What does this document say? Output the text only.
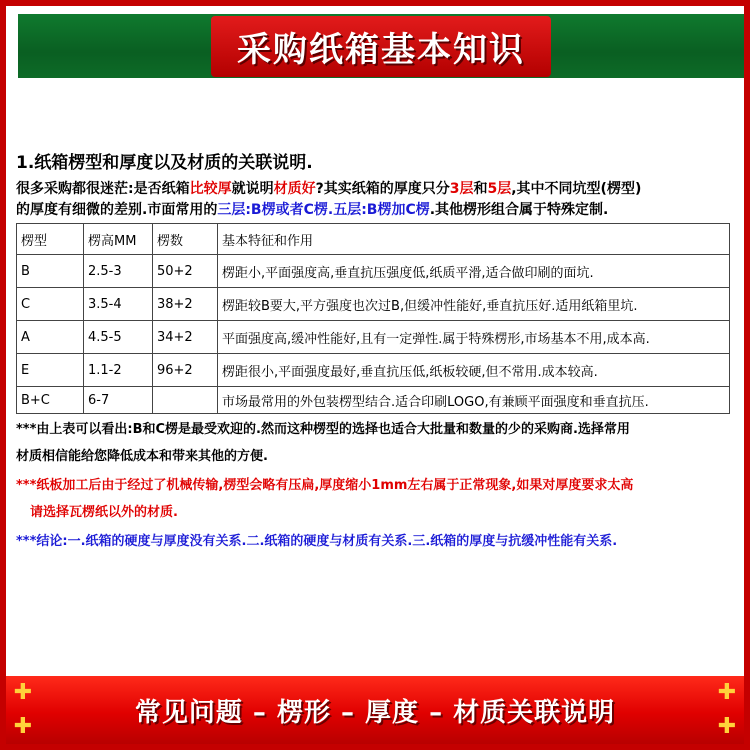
采购纸箱基本知识
1.纸箱楞型和厚度以及材质的关联说明.
很多采购都很迷茫:是否纸箱比较厚就说明材质好?其实纸箱的厚度只分3层和5层,其中不同坑型(楞型)
的厚度有细微的差别.市面常用的三层:B楞或者C楞.五层:B楞加C楞.其他楞形组合属于特殊定制.
楞型	楞高MM	楞数	基本特征和作用
B	2.5-3	50+2	楞距小,平面强度高,垂直抗压强度低,纸质平滑,适合做印刷的面坑.
C	3.5-4	38+2	楞距较B要大,平方强度也次过B,但缓冲性能好,垂直抗压好.适用纸箱里坑.
A	4.5-5	34+2	平面强度高,缓冲性能好,且有一定弹性.属于特殊楞形,市场基本不用,成本高.
E	1.1-2	96+2	楞距很小,平面强度最好,垂直抗压低,纸板较硬,但不常用.成本较高.
B+C	6-7		市场最常用的外包装楞型结合.适合印刷LOGO,有兼顾平面强度和垂直抗压.
***由上表可以看出:B和C楞是最受欢迎的.然而这种楞型的选择也适合大批量和数量的少的采购商.选择常用
材质相信能给您降低成本和带来其他的方便.
***纸板加工后由于经过了机械传输,楞型会略有压扁,厚度缩小1mm左右属于正常现象,如果对厚度要求太高
请选择瓦楞纸以外的材质.
***结论:一.纸箱的硬度与厚度没有关系.二.纸箱的硬度与材质有关系.三.纸箱的厚度与抗缓冲性能有关系.
✚	✚
✚	✚
常见问题 – 楞形 – 厚度 – 材质关联说明
